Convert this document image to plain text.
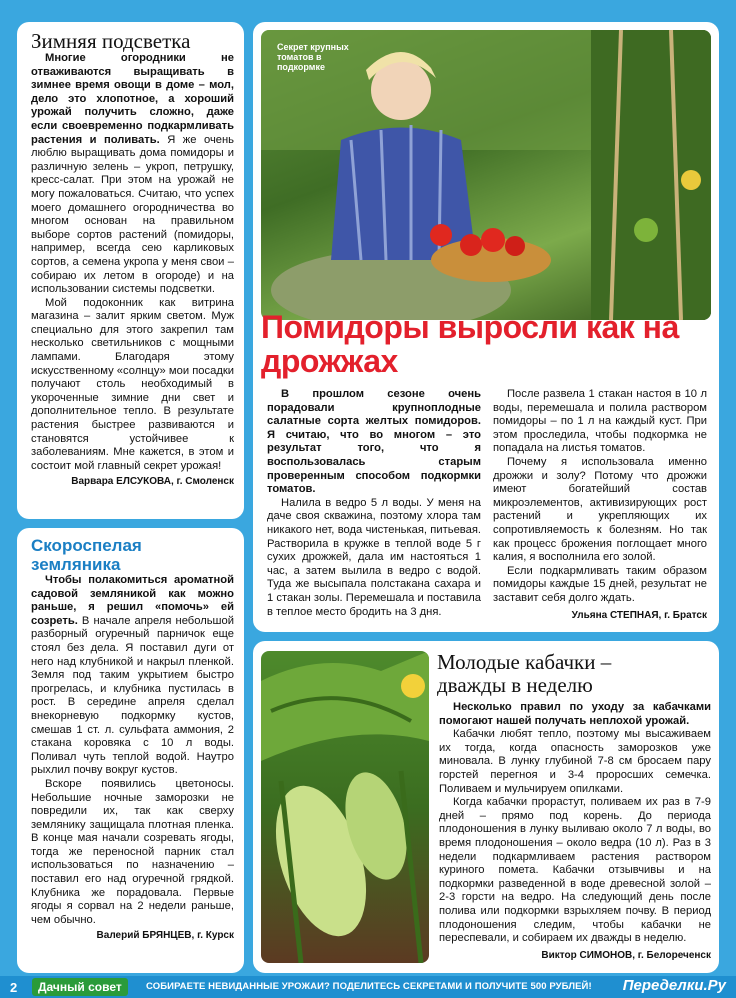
Зимняя подсветка

Многие огородники не отваживаются выращивать в зимнее время овощи в доме – мол, дело это хлопотное, а хороший урожай получить сложно, даже если своевременно подкармливать растения и поливать. Я же очень люблю выращивать дома помидоры и различную зелень – укроп, петрушку, кресс-салат. При этом на урожай не могу пожаловаться. Считаю, что успех моего домашнего огородничества во многом основан на правильном выборе сортов растений (помидоры, например, всегда сею карликовых сортов, а семена укропа у меня свои – собираю их летом в огороде) и на использовании системы подсветки.

Мой подоконник как витрина магазина – залит ярким светом. Муж специально для этого закрепил там несколько светильников с мощными лампами. Благодаря этому искусственному «солнцу» мои посадки получают столь необходимый в укороченные зимние дни свет и дополнительное тепло. В результате растения быстрее развиваются и становятся устойчивее к заболеваниям. Мне кажется, в этом и состоит мой главный секрет урожая!

Варвара ЕЛСУКОВА, г. Смоленск
Скороспелая земляника

Чтобы полакомиться ароматной садовой земляникой как можно раньше, я решил «помочь» ей созреть. В начале апреля небольшой разборный огуречный парничок еще стоял без дела. Я поставил дуги от него над клубникой и накрыл пленкой. Земля под таким укрытием быстро прогрелась, и клубника пустилась в рост. В середине апреля сделал внекорневую подкормку кустов, смешав 1 ст. л. сульфата аммония, 2 стакана коровяка с 10 л воды. Поливал чуть теплой водой. Наутро рыхлил почву вокруг кустов.

Вскоре появились цветоносы. Небольшие ночные заморозки не повредили их, так как сверху землянику защищала плотная пленка. В конце мая начали созревать ягоды, тогда же переносной парник стал использоваться по назначению – поставил его над огуречной грядкой. Клубника же порадовала. Первые ягоды я сорвал на 2 недели раньше, чем обычно.

Валерий БРЯНЦЕВ, г. Курск
Секрет крупных томатов в подкормке
Помидоры выросли как на дрожжах

В прошлом сезоне очень порадовали крупноплодные салатные сорта желтых помидоров. Я считаю, что во многом – это результат того, что я воспользовалась старым проверенным способом подкормки томатов.

Налила в ведро 5 л воды. У меня на даче своя скважина, поэтому хлора там никакого нет, вода чистенькая, питьевая. Растворила в кружке в теплой воде 5 г сухих дрожжей, дала им настояться 1 час, а затем вылила в ведро с водой. Туда же высыпала полстакана сахара и 1 стакан золы. Перемешала и поставила в теплое место бродить на 3 дня.

После развела 1 стакан настоя в 10 л воды, перемешала и полила раствором помидоры – по 1 л на каждый куст. При этом проследила, чтобы подкормка не попадала на листья томатов.

Почему я использовала именно дрожжи и золу? Потому что дрожжи имеют богатейший состав микроэлементов, активизирующих рост растений и укрепляющих их сопротивляемость к болезням. Но так как процесс брожения поглощает много калия, я восполнила его золой.

Если подкармливать таким образом помидоры каждые 15 дней, результат не заставит себя долго ждать.

Ульяна СТЕПНАЯ, г. Братск
Молодые кабачки – дважды в неделю

Несколько правил по уходу за кабачками помогают нашей получать неплохой урожай.

Кабачки любят тепло, поэтому мы высаживаем их тогда, когда опасность заморозков уже миновала. В лунку глубиной 7-8 см бросаем пару горстей перегноя и 3-4 проросших семечка. Поливаем и мульчируем опилками.

Когда кабачки прорастут, поливаем их раз в 7-9 дней – прямо под корень. До периода плодоношения в лунку выливаю около 7 л воды, во время плодоношения – около ведра (10 л). Раз в 3 недели подкармливаем растения раствором куриного помета. Кабачки отзывчивы и на подкормки разведенной в воде древесной золой – 2-3 горсти на ведро. На следующий день после полива или подкормки взрыхляем почву. В период плодоношения следим, чтобы кабачки не переспевали, и собираем их дважды в неделю.

Виктор СИМОНОВ, г. Белореченск
2	Дачный совет	СОБИРАЕТЕ НЕВИДАННЫЕ УРОЖАИ? ПОДЕЛИТЕСЬ СЕКРЕТАМИ И ПОЛУЧИТЕ 500 РУБЛЕЙ! Переделки.Ру
